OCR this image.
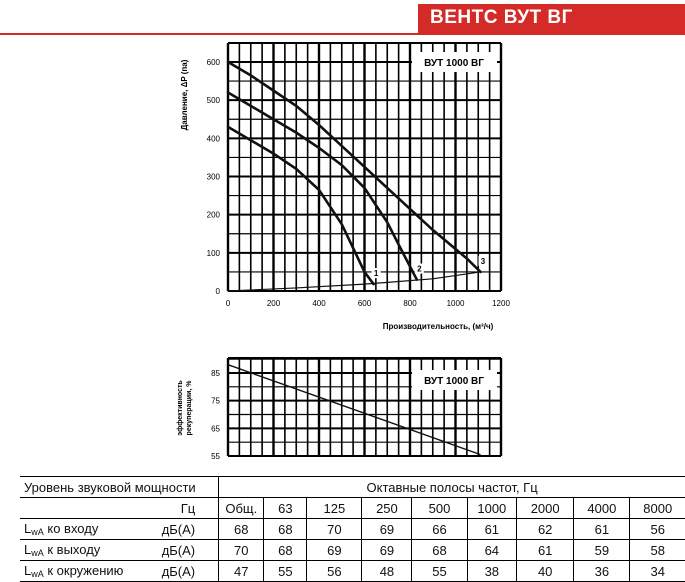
ВЕНТС ВУТ ВГ
0	200	400	600	800	1000	1200
0
100
200
300
400
500
600
Производительность, (м³/ч)
Давление, ΔP (па)	ВУТ 1000 ВГ
1
2
3
55
65
75
85
эффективность рекуперации, %	ВУТ 1000 ВГ
Уровень звуковой мощности		Октавные полосы частот, Гц								
	Гц	Общ.	63	125	250	500	1000	2000	4000	8000
$L_{wA}$ ко входу	дБ(А)	68	68	70	69	66	61	62	61	56
$L_{wA}$ к выходу	дБ(А)	70	68	69	69	68	64	61	59	58
$L_{wA}$ к окружению	дБ(А)	47	55	56	48	55	38	40	36	34
